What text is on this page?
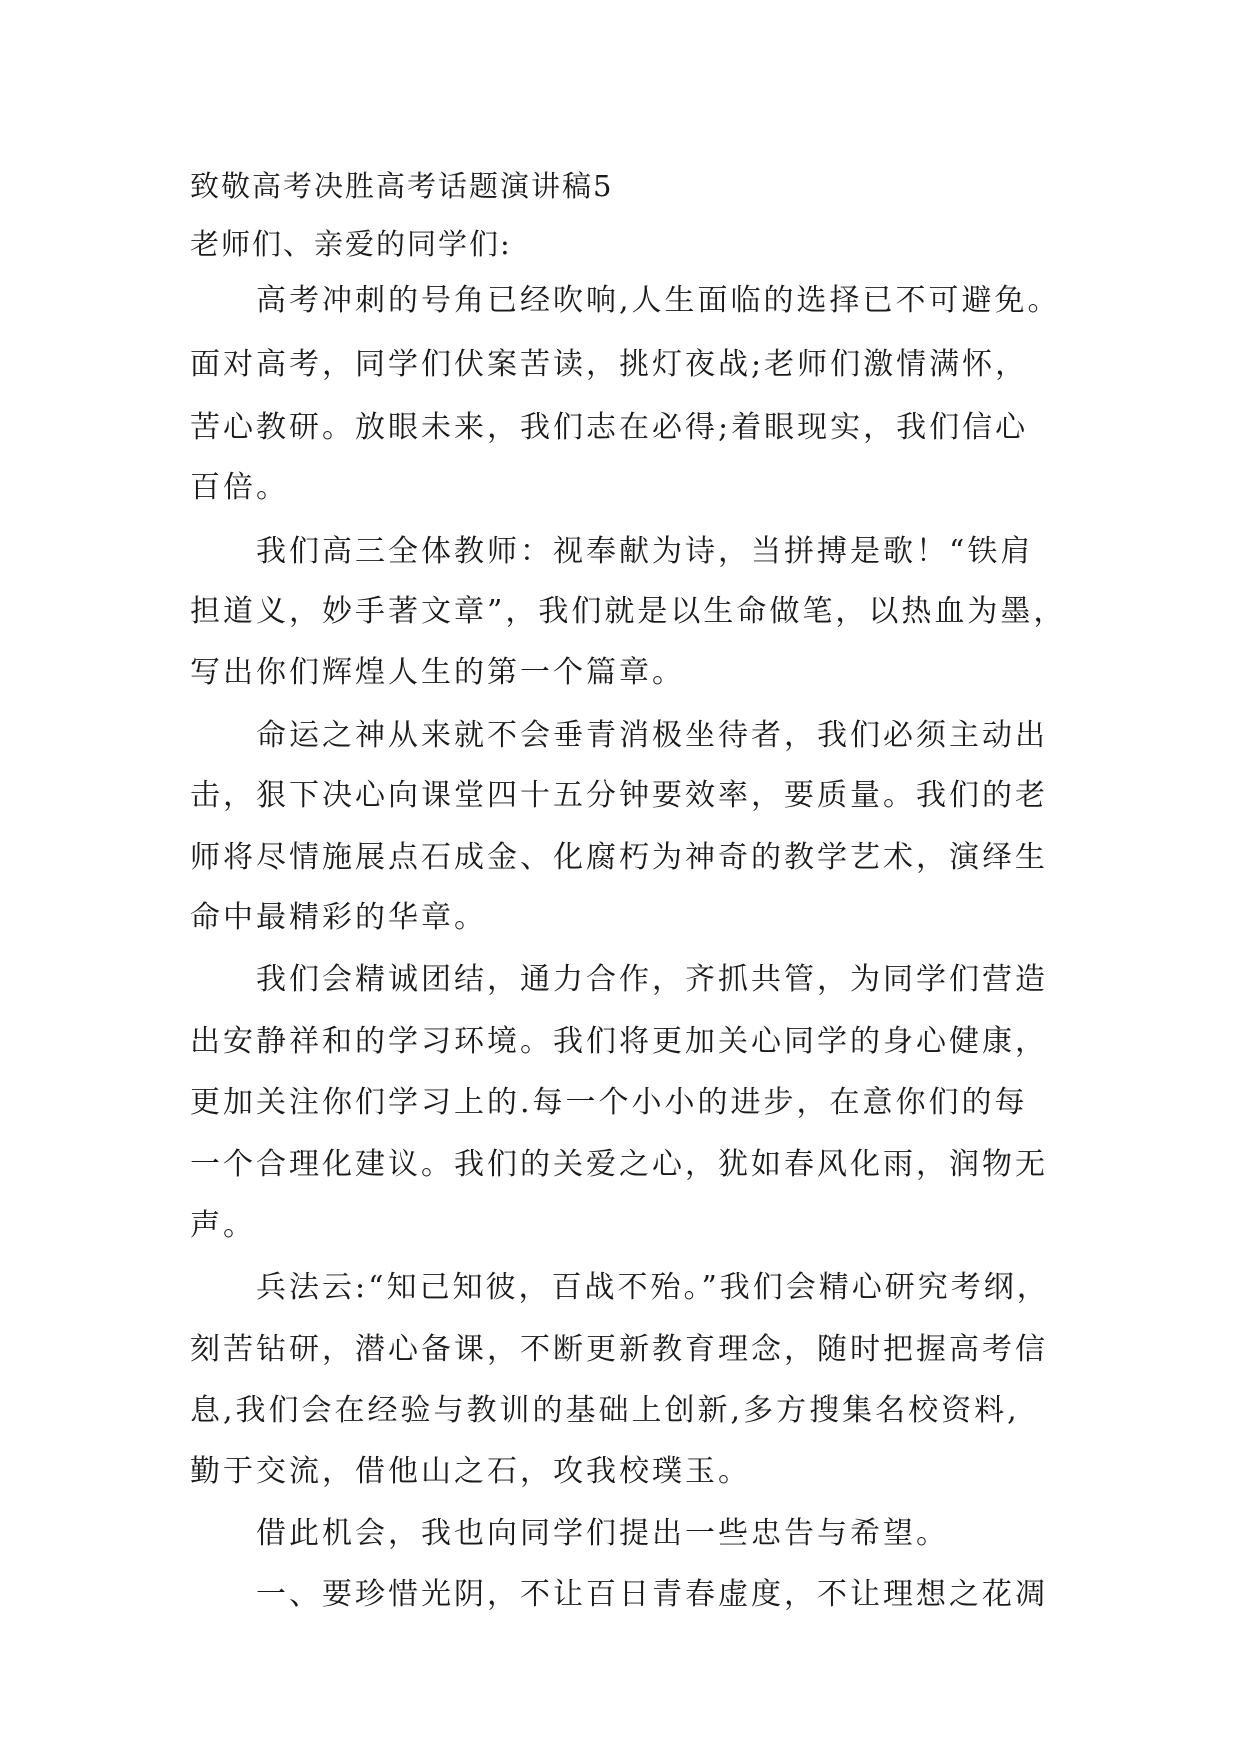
致敬高考决胜高考话题演讲稿5
老师们、亲爱的同学们:
高考冲刺的号角已经吹响,人生面临的选择已不可避免。
面对高考，同学们伏案苦读，挑灯夜战;老师们激情满怀，
苦心教研。放眼未来，我们志在必得;着眼现实，我们信心
百倍。
我们高三全体教师：视奉献为诗，当拼搏是歌！“铁肩
担道义，妙手著文章”，我们就是以生命做笔，以热血为墨，
写出你们辉煌人生的第一个篇章。
命运之神从来就不会垂青消极坐待者，我们必须主动出
击，狠下决心向课堂四十五分钟要效率，要质量。我们的老
师将尽情施展点石成金、化腐朽为神奇的教学艺术，演绎生
命中最精彩的华章。
我们会精诚团结，通力合作，齐抓共管，为同学们营造
出安静祥和的学习环境。我们将更加关心同学的身心健康，
更加关注你们学习上的.每一个小小的进步，在意你们的每
一个合理化建议。我们的关爱之心，犹如春风化雨，润物无
声。
兵法云:“知己知彼，百战不殆。”我们会精心研究考纲，
刻苦钻研，潜心备课，不断更新教育理念，随时把握高考信
息,我们会在经验与教训的基础上创新,多方搜集名校资料,
勤于交流，借他山之石，攻我校璞玉。
借此机会，我也向同学们提出一些忠告与希望。
一、要珍惜光阴，不让百日青春虚度，不让理想之花凋
